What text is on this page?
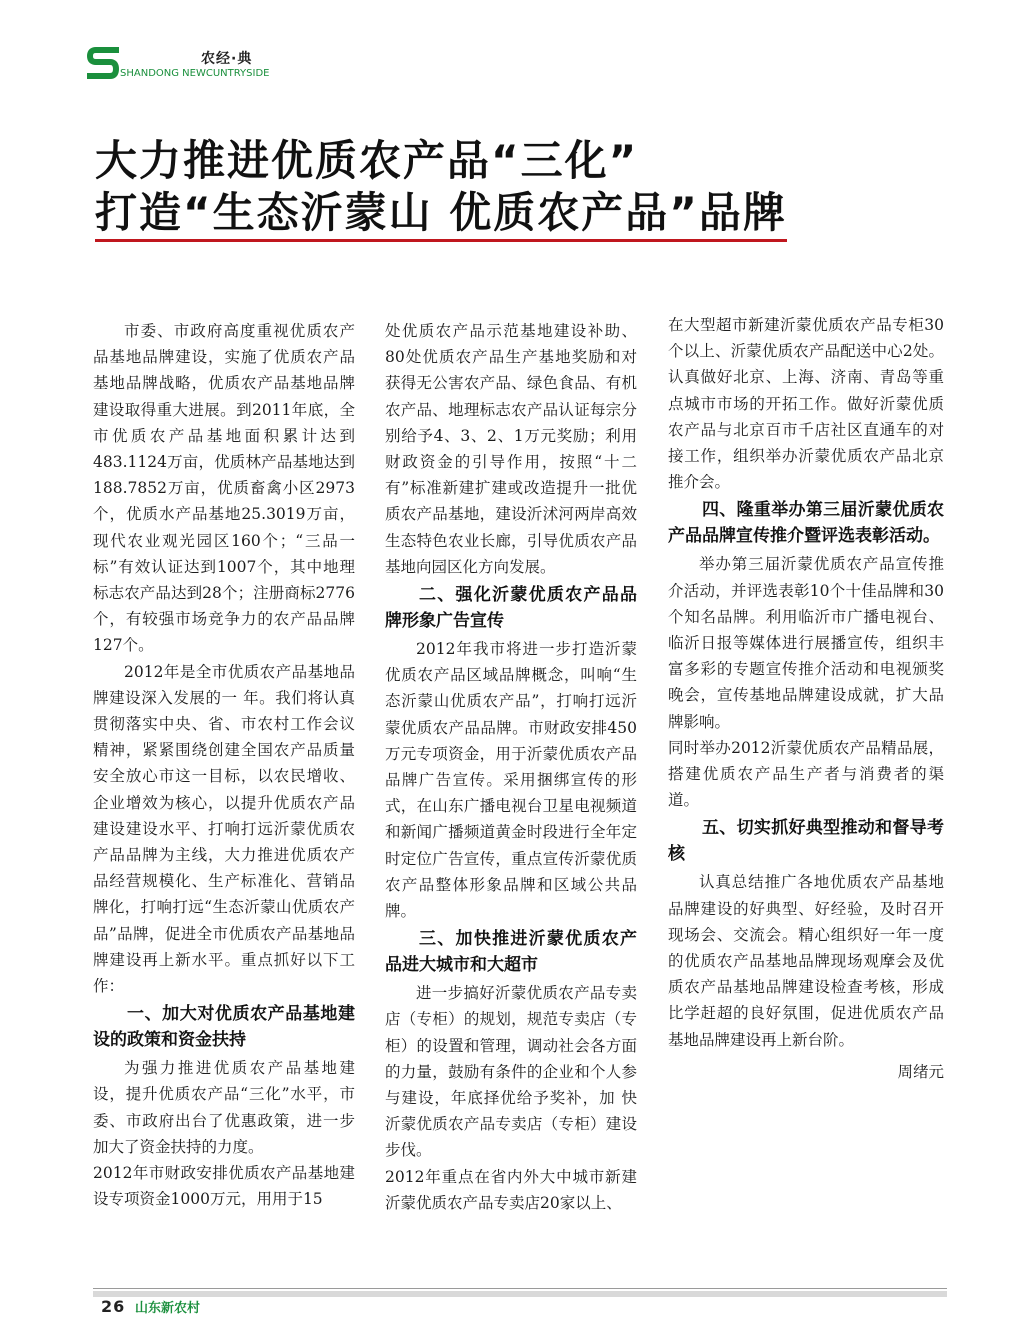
农经·典
SHANDONG NEWCUNTRYSIDE
大力推进优质农产品“三化”
打造“生态沂蒙山 优质农产品”品牌

市委、市政府高度重视优质农产品基地品牌建设，实施了优质农产品基地品牌战略，优质农产品基地品牌建设取得重大进展。到2011年底，全市优质农产品基地面积累计达到483.1124万亩，优质林产品基地达到188.7852万亩，优质畜禽小区2973个，优质水产品基地25.3019万亩，现代农业观光园区160个；“三品一标”有效认证达到1007个，其中地理标志农产品达到28个；注册商标2776个，有较强市场竞争力的农产品品牌127个。

2012年是全市优质农产品基地品牌建设深入发展的一 年。我们将认真贯彻落实中央、省、市农村工作会议精神，紧紧围绕创建全国农产品质量安全放心市这一目标，以农民增收、企业增效为核心，以提升优质农产品建设建设水平、打响打远沂蒙优质农产品品牌为主线，大力推进优质农产品经营规模化、生产标准化、营销品牌化，打响打远“生态沂蒙山优质农产品”品牌，促进全市优质农产品基地品牌建设再上新水平。重点抓好以下工作：

一、加大对优质农产品基地建设的政策和资金扶持

为强力推进优质农产品基地建设，提升优质农产品“三化”水平，市委、市政府出台了优惠政策，进一步加大了资金扶持的力度。

2012年市财政安排优质农产品基地建设专项资金1000万元，用用于15

处优质农产品示范基地建设补助、80处优质农产品生产基地奖励和对获得无公害农产品、绿色食品、有机农产品、地理标志农产品认证每宗分别给予4、3、2、1万元奖励；利用财政资金的引导作用，按照“十二有”标准新建扩建或改造提升一批优质农产品基地，建设沂沭河两岸高效生态特色农业长廊，引导优质农产品基地向园区化方向发展。

二、强化沂蒙优质农产品品牌形象广告宣传

2012年我市将进一步打造沂蒙优质农产品区域品牌概念，叫响“生态沂蒙山优质农产品”，打响打远沂蒙优质农产品品牌。市财政安排450万元专项资金，用于沂蒙优质农产品品牌广告宣传。采用捆绑宣传的形式，在山东广播电视台卫星电视频道和新闻广播频道黄金时段进行全年定时定位广告宣传，重点宣传沂蒙优质农产品整体形象品牌和区域公共品牌。

三、加快推进沂蒙优质农产品进大城市和大超市

进一步搞好沂蒙优质农产品专卖店（专柜）的规划，规范专卖店（专柜）的设置和管理，调动社会各方面的力量，鼓励有条件的企业和个人参与建设，年底择优给予奖补，加 快沂蒙优质农产品专卖店（专柜）建设步伐。

2012年重点在省内外大中城市新建沂蒙优质农产品专卖店20家以上、

在大型超市新建沂蒙优质农产品专柜30个以上、沂蒙优质农产品配送中心2处。认真做好北京、上海、济南、青岛等重点城市市场的开拓工作。做好沂蒙优质农产品与北京百市千店社区直通车的对接工作，组织举办沂蒙优质农产品北京推介会。

四、隆重举办第三届沂蒙优质农产品品牌宣传推介暨评选表彰活动。

举办第三届沂蒙优质农产品宣传推介活动，并评选表彰10个十佳品牌和30个知名品牌。利用临沂市广播电视台、临沂日报等媒体进行展播宣传，组织丰富多彩的专题宣传推介活动和电视颁奖晚会，宣传基地品牌建设成就，扩大品牌影响。

同时举办2012沂蒙优质农产品精品展，搭建优质农产品生产者与消费者的渠道。

五、切实抓好典型推动和督导考核

认真总结推广各地优质农产品基地品牌建设的好典型、好经验，及时召开现场会、交流会。精心组织好一年一度的优质农产品基地品牌现场观摩会及优质农产品基地品牌建设检查考核，形成比学赶超的良好氛围，促进优质农产品基地品牌建设再上新台阶。

周绪元

26 山东新农村
